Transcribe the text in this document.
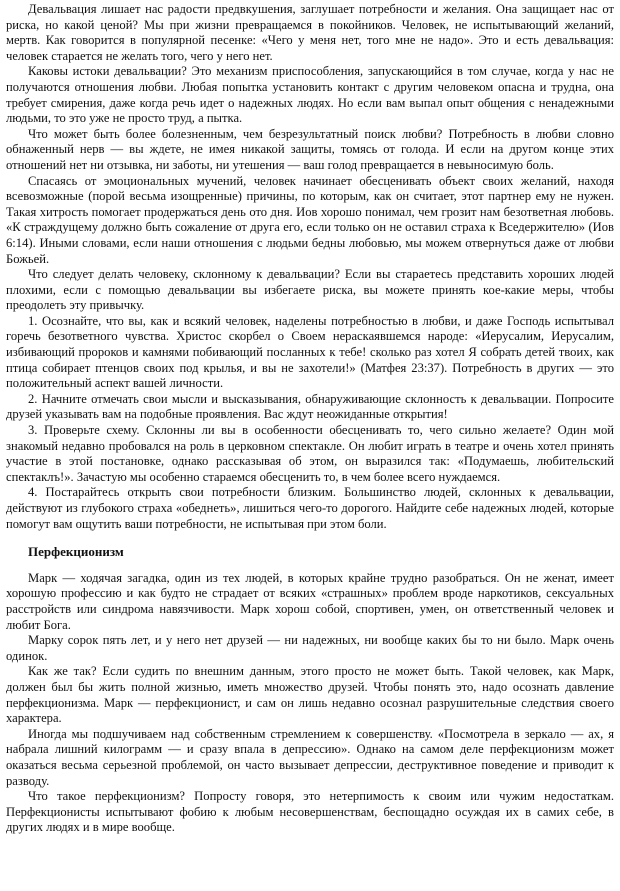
Девальвация лишает нас радости предвкушения, заглушает потребности и желания. Она защищает нас от риска, но какой ценой? Мы при жизни превращаемся в покойников. Человек, не испытывающий желаний, мертв. Как говорится в популярной песенке: «Чего у меня нет, того мне не надо». Это и есть девальвация: человек старается не желать того, чего у него нет.

Каковы истоки девальвации? Это механизм приспособления, запускающийся в том случае, когда у нас не получаются отношения любви. Любая попытка установить контакт с другим человеком опасна и трудна, она требует смирения, даже когда речь идет о надежных людях. Но если вам выпал опыт общения с ненадежными людьми, то это уже не просто труд, а пытка.

Что может быть более болезненным, чем безрезультатный поиск любви? Потребность в любви словно обнаженный нерв — вы ждете, не имея никакой защиты, томясь от голода. И если на другом конце этих отношений нет ни отзывка, ни заботы, ни утешения — ваш голод превращается в невыносимую боль.

Спасаясь от эмоциональных мучений, человек начинает обесценивать объект своих желаний, находя всевозможные (порой весьма изощренные) причины, по которым, как он считает, этот партнер ему не нужен. Такая хитрость помогает продержаться день ото дня. Иов хорошо понимал, чем грозит нам безответная любовь. «К страждущему должно быть сожаление от друга его, если только он не оставил страха к Вседержителю» (Иов 6:14). Иными словами, если наши отношения с людьми бедны любовью, мы можем отвернуться даже от любви Божьей.

Что следует делать человеку, склонному к девальвации? Если вы стараетесь представить хороших людей плохими, если с помощью девальвации вы избегаете риска, вы можете принять кое-какие меры, чтобы преодолеть эту привычку.

1. Осознайте, что вы, как и всякий человек, наделены потребностью в любви, и даже Господь испытывал горечь безответного чувства. Христос скорбел о Своем нераскаявшемся народе: «Иерусалим, Иерусалим, избивающий пророков и камнями побивающий посланных к тебе! сколько раз хотел Я собрать детей твоих, как птица собирает птенцов своих под крылья, и вы не захотели!» (Матфея 23:37). Потребность в других — это положительный аспект вашей личности.

2. Начните отмечать свои мысли и высказывания, обнаруживающие склонность к девальвации. Попросите друзей указывать вам на подобные проявления. Вас ждут неожиданные открытия!

3. Проверьте схему. Склонны ли вы в особенности обесценивать то, чего сильно желаете? Один мой знакомый недавно пробовался на роль в церковном спектакле. Он любит играть в театре и очень хотел принять участие в этой постановке, однако рассказывая об этом, он выразился так: «Подумаешь, любительский спектаклъ!». Зачастую мы особенно стараемся обесценить то, в чем более всего нуждаемся.

4. Постарайтесь открыть свои потребности близким. Большинство людей, склонных к девальвации, действуют из глубокого страха «обеднеть», лишиться чего-то дорогого. Найдите себе надежных людей, которые помогут вам ощутить ваши потребности, не испытывая при этом боли.

Перфекционизм

Марк — ходячая загадка, один из тех людей, в которых крайне трудно разобраться. Он не женат, имеет хорошую профессию и как будто не страдает от всяких «страшных» проблем вроде наркотиков, сексуальных расстройств или синдрома навязчивости. Марк хорош собой, спортивен, умен, он ответственный человек и любит Бога.

Марку сорок пять лет, и у него нет друзей — ни надежных, ни вообще каких бы то ни было. Марк очень одинок.

Как же так? Если судить по внешним данным, этого просто не может быть. Такой человек, как Марк, должен был бы жить полной жизнью, иметь множество друзей. Чтобы понять это, надо осознать давление перфекционизма. Марк — перфекционист, и сам он лишь недавно осознал разрушительные следствия своего характера.

Иногда мы подшучиваем над собственным стремлением к совершенству. «Посмотрела в зеркало — ах, я набрала лишний килограмм — и сразу впала в депрессию». Однако на самом деле перфекционизм может оказаться весьма серьезной проблемой, он часто вызывает депрессии, деструктивное поведение и приводит к разводу.

Что такое перфекционизм? Попросту говоря, это нетерпимость к своим или чужим недостаткам. Перфекционисты испытывают фобию к любым несовершенствам, беспощадно осуждая их в самих себе, в других людях и в мире вообще.
